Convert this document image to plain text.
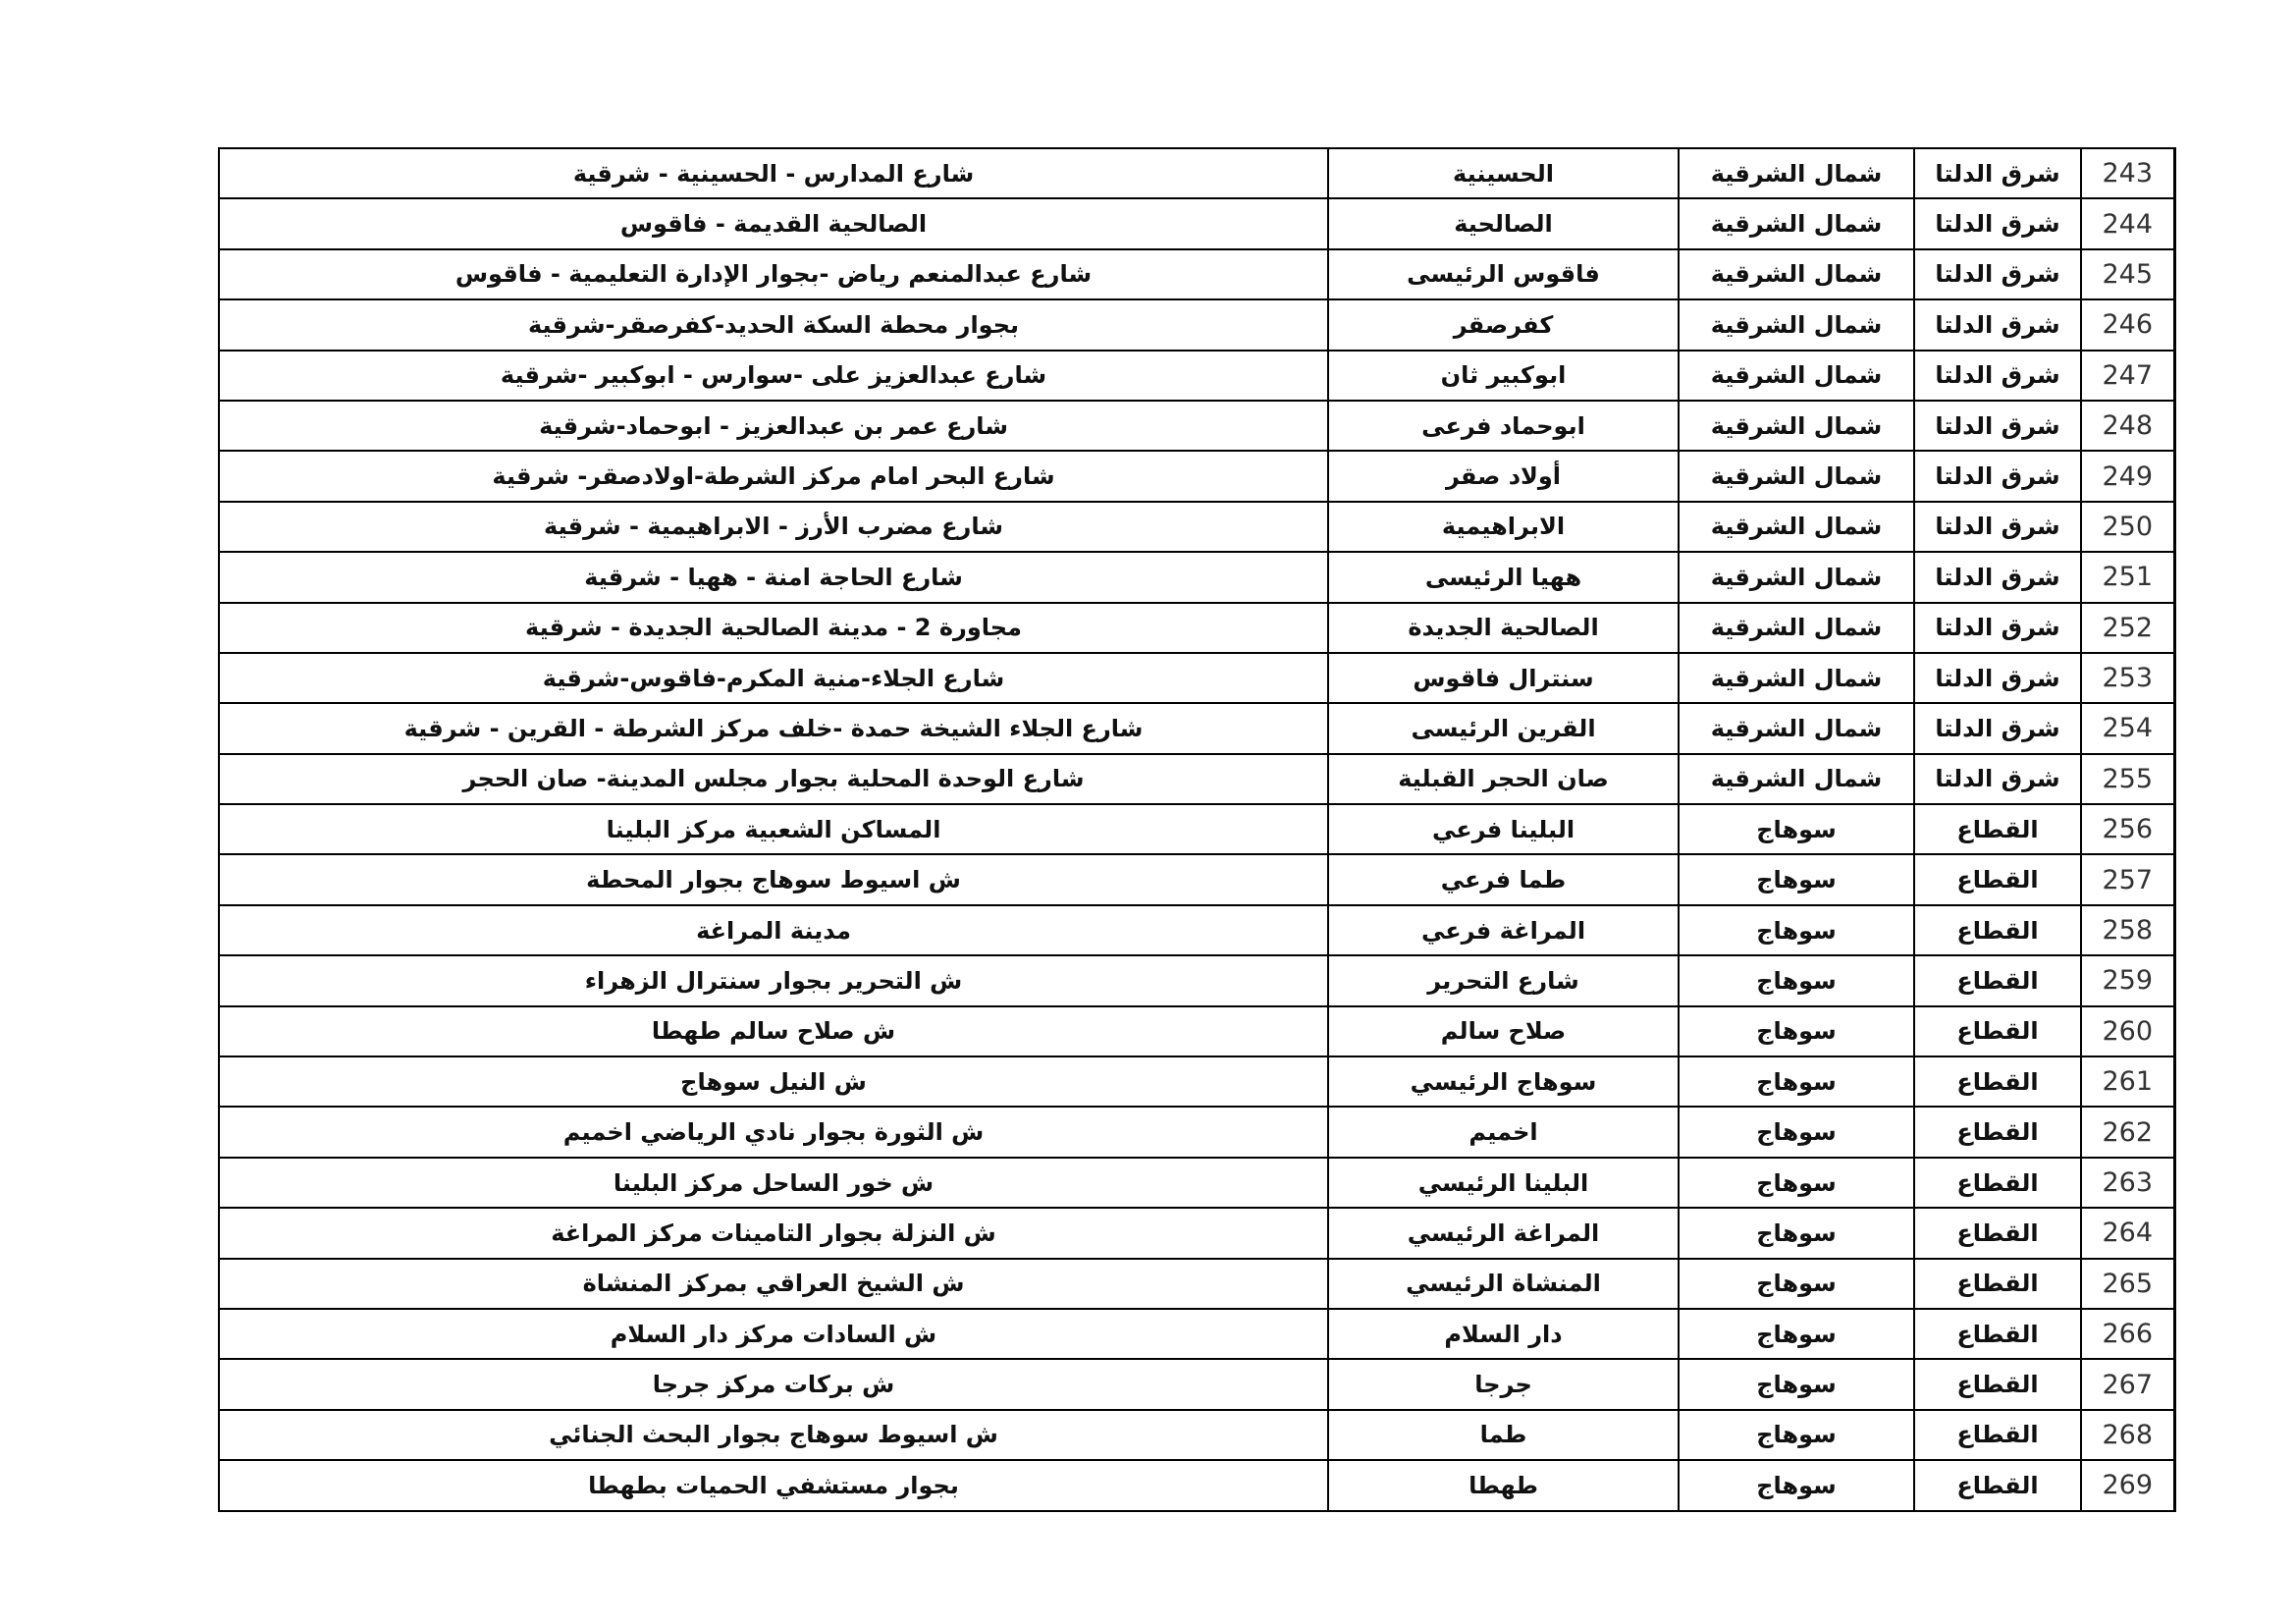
شارع المدارس - الحسينية - شرقية	الحسينية	شمال الشرقية	شرق الدلتا	243
الصالحية القديمة - فاقوس	الصالحية	شمال الشرقية	شرق الدلتا	244
شارع عبدالمنعم رياض -بجوار الإدارة التعليمية - فاقوس	فاقوس الرئيسى	شمال الشرقية	شرق الدلتا	245
بجوار محطة السكة الحديد-كفرصقر-شرقية	كفرصقر	شمال الشرقية	شرق الدلتا	246
شارع عبدالعزيز على -سوارس - ابوكبير -شرقية	ابوكبير ثان	شمال الشرقية	شرق الدلتا	247
شارع عمر بن عبدالعزيز - ابوحماد-شرقية	ابوحماد فرعى	شمال الشرقية	شرق الدلتا	248
شارع البحر امام مركز الشرطة-اولادصقر- شرقية	أولاد صقر	شمال الشرقية	شرق الدلتا	249
شارع مضرب الأرز - الابراهيمية - شرقية	الابراهيمية	شمال الشرقية	شرق الدلتا	250
شارع الحاجة امنة - ههيا - شرقية	ههيا الرئيسى	شمال الشرقية	شرق الدلتا	251
مجاورة 2 - مدينة الصالحية الجديدة - شرقية	الصالحية الجديدة	شمال الشرقية	شرق الدلتا	252
شارع الجلاء-منية المكرم-فاقوس-شرقية	سنترال فاقوس	شمال الشرقية	شرق الدلتا	253
شارع الجلاء الشيخة حمدة -خلف مركز الشرطة - القرين - شرقية	القرين الرئيسى	شمال الشرقية	شرق الدلتا	254
شارع الوحدة المحلية بجوار مجلس المدينة- صان الحجر	صان الحجر القبلية	شمال الشرقية	شرق الدلتا	255
المساكن الشعبية مركز البلينا	البلينا فرعي	سوهاج	القطاع	256
ش اسيوط سوهاج بجوار المحطة	طما فرعي	سوهاج	القطاع	257
مدينة المراغة	المراغة فرعي	سوهاج	القطاع	258
ش التحرير بجوار سنترال الزهراء	شارع التحرير	سوهاج	القطاع	259
ش صلاح سالم طهطا	صلاح سالم	سوهاج	القطاع	260
ش النيل سوهاج	سوهاج الرئيسي	سوهاج	القطاع	261
ش الثورة بجوار نادي الرياضي اخميم	اخميم	سوهاج	القطاع	262
ش خور الساحل مركز البلينا	البلينا الرئيسي	سوهاج	القطاع	263
ش النزلة بجوار التامينات مركز المراغة	المراغة الرئيسي	سوهاج	القطاع	264
ش الشيخ العراقي بمركز المنشاة	المنشاة الرئيسي	سوهاج	القطاع	265
ش السادات مركز دار السلام	دار السلام	سوهاج	القطاع	266
ش بركات مركز جرجا	جرجا	سوهاج	القطاع	267
ش اسيوط سوهاج بجوار البحث الجنائي	طما	سوهاج	القطاع	268
بجوار مستشفي الحميات بطهطا	طهطا	سوهاج	القطاع	269
